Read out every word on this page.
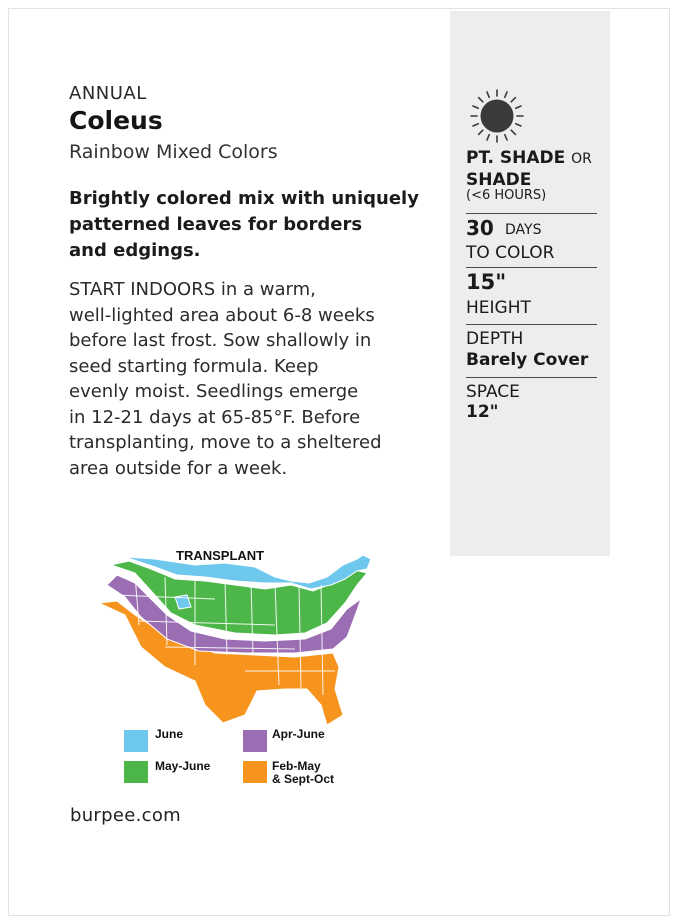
ANNUAL
Coleus
Rainbow Mixed Colors
Brightly colored mix with uniquely
patterned leaves for borders
and edgings.
START INDOORS in a warm,
well-lighted area about 6-8 weeks
before last frost. Sow shallowly in
seed starting formula. Keep
evenly moist. Seedlings emerge
in 12-21 days at 65-85°F. Before
transplanting, move to a sheltered
area outside for a week.
PT. SHADE OR
SHADE
(<6 HOURS)
30 DAYS
TO COLOR
15"
HEIGHT
DEPTH
Barely Cover
SPACE
12"
TRANSPLANT
June	Apr-June
May-June	Feb-May
& Sept-Oct
burpee.com
